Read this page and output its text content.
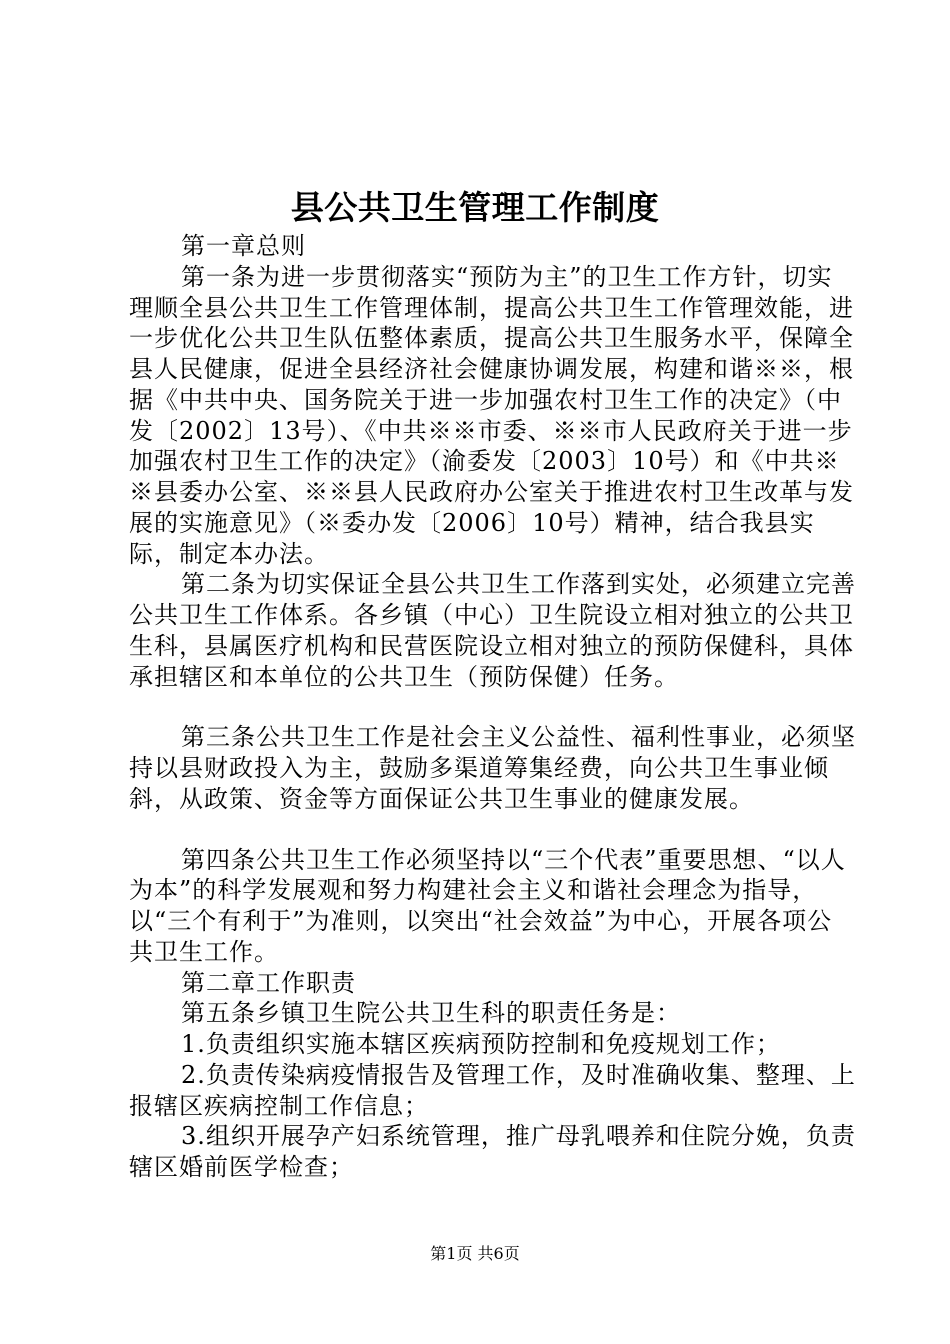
县公共卫生管理工作制度

第一章总则

第一条为进一步贯彻落实“预防为主”的卫生工作方针，切实理顺全县公共卫生工作管理体制，提高公共卫生工作管理效能，进一步优化公共卫生队伍整体素质，提高公共卫生服务水平，保障全县人民健康，促进全县经济社会健康协调发展，构建和谐※※，根据《中共中央、国务院关于进一步加强农村卫生工作的决定》（中发〔2002〕13号）、《中共※※市委、※※市人民政府关于进一步加强农村卫生工作的决定》（渝委发〔2003〕10号）和《中共※※县委办公室、※※县人民政府办公室关于推进农村卫生改革与发展的实施意见》（※委办发〔2006〕10号）精神，结合我县实际，制定本办法。

第二条为切实保证全县公共卫生工作落到实处，必须建立完善公共卫生工作体系。各乡镇（中心）卫生院设立相对独立的公共卫生科，县属医疗机构和民营医院设立相对独立的预防保健科，具体承担辖区和本单位的公共卫生（预防保健）任务。

第三条公共卫生工作是社会主义公益性、福利性事业，必须坚持以县财政投入为主，鼓励多渠道筹集经费，向公共卫生事业倾斜，从政策、资金等方面保证公共卫生事业的健康发展。

第四条公共卫生工作必须坚持以“三个代表”重要思想、“以人为本”的科学发展观和努力构建社会主义和谐社会理念为指导，以“三个有利于”为准则，以突出“社会效益”为中心，开展各项公共卫生工作。

第二章工作职责

第五条乡镇卫生院公共卫生科的职责任务是：

1.负责组织实施本辖区疾病预防控制和免疫规划工作；

2.负责传染病疫情报告及管理工作，及时准确收集、整理、上报辖区疾病控制工作信息；

3.组织开展孕产妇系统管理，推广母乳喂养和住院分娩，负责辖区婚前医学检查；

第1页 共6页
